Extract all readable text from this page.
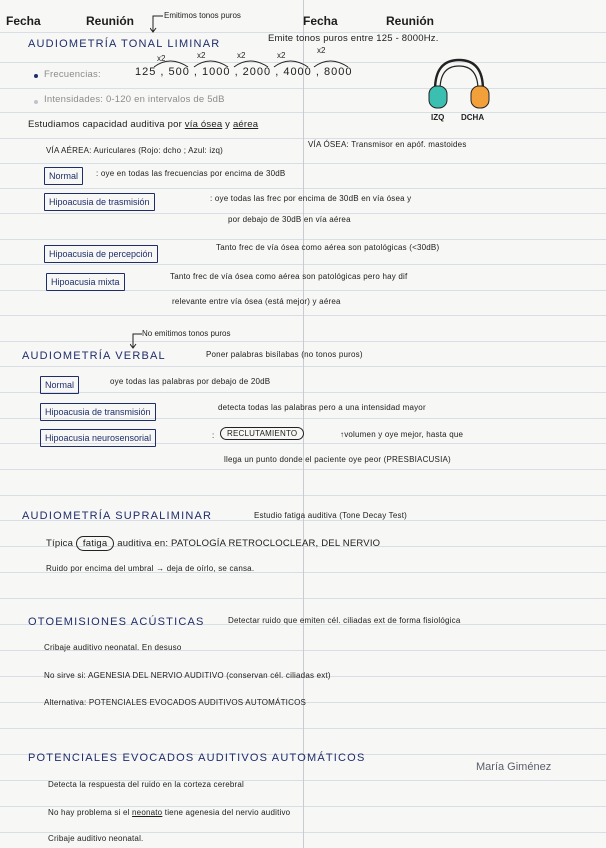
Fecha	Reunión	Fecha	Reunión
Emitimos tonos puros
AUDIOMETRÍA TONAL LIMINAR	Emite tonos puros entre 125 - 8000Hz.
Frecuencias:	125 , 500 , 1000 , 2000 , 4000 , 8000
x2	x2	x2	x2
x2
Intensidades: 0-120 en intervalos de 5dB
IZQ DCHA
Estudiamos capacidad auditiva por vía ósea y aérea
VÍA AÉREA: Auriculares (Rojo: dcho ; Azul: izq)
VÍA ÓSEA: Transmisor en apóf. mastoides
Normal	: oye en todas las frecuencias por encima de 30dB
Hipoacusia de trasmisión	: oye todas las frec por encima de 30dB en vía ósea y
por debajo de 30dB en vía aérea
Hipoacusia de percepción
Tanto frec de vía ósea como aérea son patológicas (<30dB)
Hipoacusia mixta
Tanto frec de vía ósea como aérea son patológicas pero hay dif
relevante entre vía ósea (está mejor) y aérea
No emitimos tonos puros
AUDIOMETRÍA VERBAL	Poner palabras bisílabas (no tonos puros)
Normal	oye todas las palabras por debajo de 20dB
Hipoacusia de transmisión	detecta todas las palabras pero a una intensidad mayor
Hipoacusia neurosensorial	:	RECLUTAMIENTO	↑volumen y oye mejor, hasta que
llega un punto donde el paciente oye peor (PRESBIACUSIA)
AUDIOMETRÍA SUPRALIMINAR	Estudio fatiga auditiva (Tone Decay Test)
Típica fatiga auditiva en: PATOLOGÍA RETROCLOCLEAR, DEL NERVIO
Ruido por encima del umbral → deja de oírlo, se cansa.
OTOEMISIONES ACÚSTICAS	Detectar ruido que emiten cél. ciliadas ext de forma fisiológica
Cribaje auditivo neonatal. En desuso
No sirve si: AGENESIA DEL NERVIO AUDITIVO (conservan cél. ciliadas ext)
Alternativa: POTENCIALES EVOCADOS AUDITIVOS AUTOMÁTICOS
POTENCIALES EVOCADOS AUDITIVOS AUTOMÁTICOS
María Giménez
Detecta la respuesta del ruido en la corteza cerebral
No hay problema si el neonato tiene agenesia del nervio auditivo
Cribaje auditivo neonatal.
